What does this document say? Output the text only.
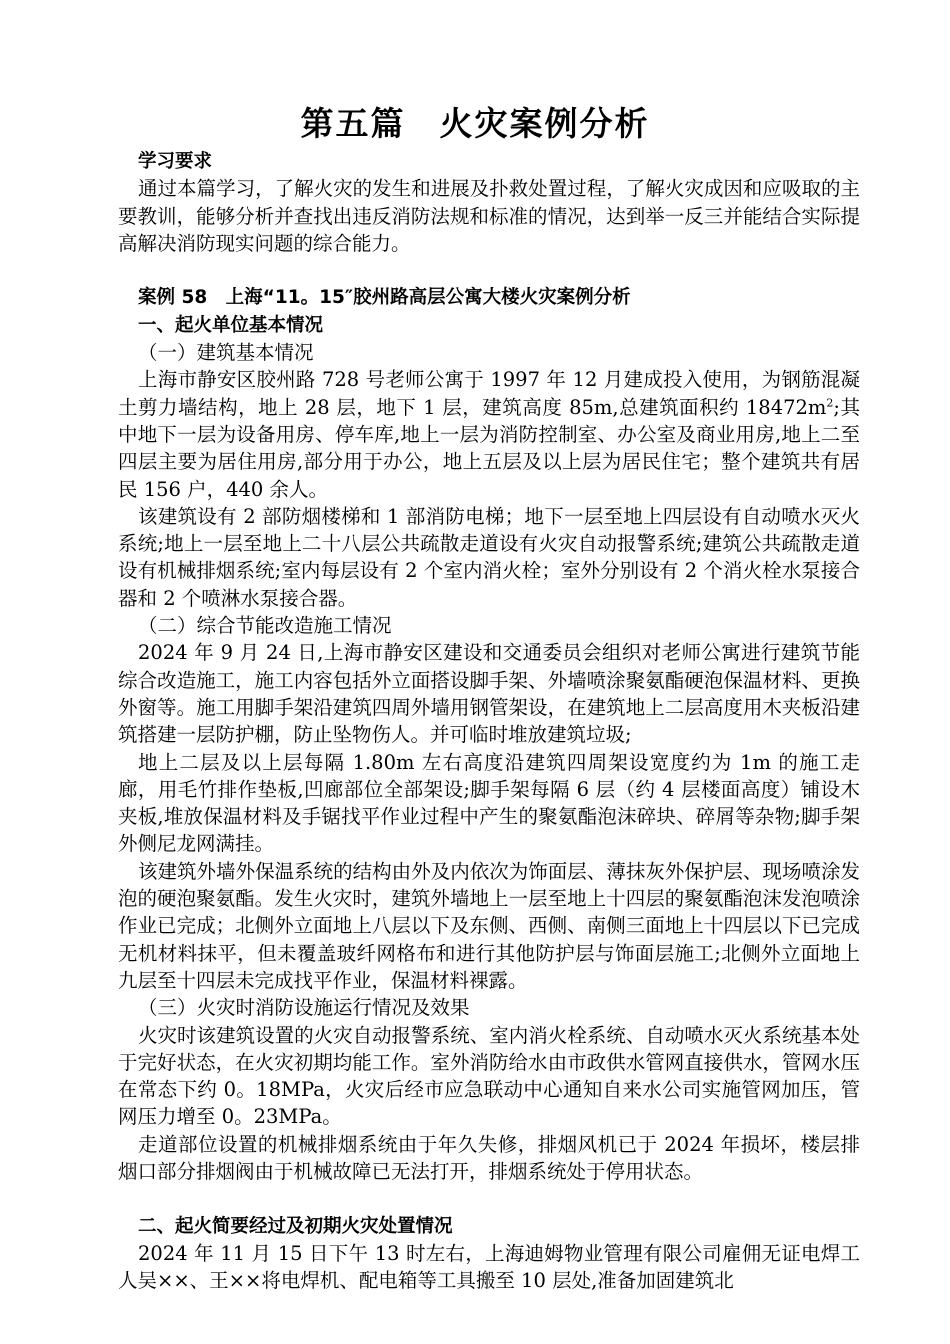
第五篇 火灾案例分析

学习要求

通过本篇学习，了解火灾的发生和进展及扑救处置过程，了解火灾成因和应吸取的主要教训，能够分析并查找出违反消防法规和标准的情况，达到举一反三并能结合实际提高解决消防现实问题的综合能力。

案例 58　上海“11。15″胶州路高层公寓大楼火灾案例分析

一、起火单位基本情况

（一）建筑基本情况

上海市静安区胶州路 728 号老师公寓于 1997 年 12 月建成投入使用，为钢筋混凝土剪力墙结构，地上 28 层，地下 1 层，建筑高度 85m,总建筑面积约 $18472m^2$;其中地下一层为设备用房、停车库,地上一层为消防控制室、办公室及商业用房,地上二至四层主要为居住用房,部分用于办公，地上五层及以上层为居民住宅；整个建筑共有居民 156 户，440 余人。

该建筑设有 2 部防烟楼梯和 1 部消防电梯；地下一层至地上四层设有自动喷水灭火系统;地上一层至地上二十八层公共疏散走道设有火灾自动报警系统;建筑公共疏散走道设有机械排烟系统;室内每层设有 2 个室内消火栓；室外分别设有 2 个消火栓水泵接合器和 2 个喷淋水泵接合器。

（二）综合节能改造施工情况

2024 年 9 月 24 日,上海市静安区建设和交通委员会组织对老师公寓进行建筑节能综合改造施工，施工内容包括外立面搭设脚手架、外墙喷涂聚氨酯硬泡保温材料、更换外窗等。施工用脚手架沿建筑四周外墙用钢管架设，在建筑地上二层高度用木夹板沿建筑搭建一层防护棚，防止坠物伤人。并可临时堆放建筑垃圾;

地上二层及以上层每隔 1.80m 左右高度沿建筑四周架设宽度约为 1m 的施工走廊，用毛竹排作垫板,凹廊部位全部架设;脚手架每隔 6 层（约 4 层楼面高度）铺设木夹板,堆放保温材料及手锯找平作业过程中产生的聚氨酯泡沫碎块、碎屑等杂物;脚手架外侧尼龙网满挂。

该建筑外墙外保温系统的结构由外及内依次为饰面层、薄抹灰外保护层、现场喷涂发泡的硬泡聚氨酯。发生火灾时，建筑外墙地上一层至地上十四层的聚氨酯泡沫发泡喷涂作业已完成；北侧外立面地上八层以下及东侧、西侧、南侧三面地上十四层以下已完成无机材料抹平，但未覆盖玻纤网格布和进行其他防护层与饰面层施工;北侧外立面地上九层至十四层未完成找平作业，保温材料裸露。

（三）火灾时消防设施运行情况及效果

火灾时该建筑设置的火灾自动报警系统、室内消火栓系统、自动喷水灭火系统基本处于完好状态，在火灾初期均能工作。室外消防给水由市政供水管网直接供水，管网水压在常态下约 0。18MPa，火灾后经市应急联动中心通知自来水公司实施管网加压，管网压力增至 0。23MPa。

走道部位设置的机械排烟系统由于年久失修，排烟风机已于 2024 年损坏，楼层排烟口部分排烟阀由于机械故障已无法打开，排烟系统处于停用状态。

二、起火简要经过及初期火灾处置情况

2024 年 11 月 15 日下午 13 时左右，上海迪姆物业管理有限公司雇佣无证电焊工人吴××、王××将电焊机、配电箱等工具搬至 10 层处,准备加固建筑北
